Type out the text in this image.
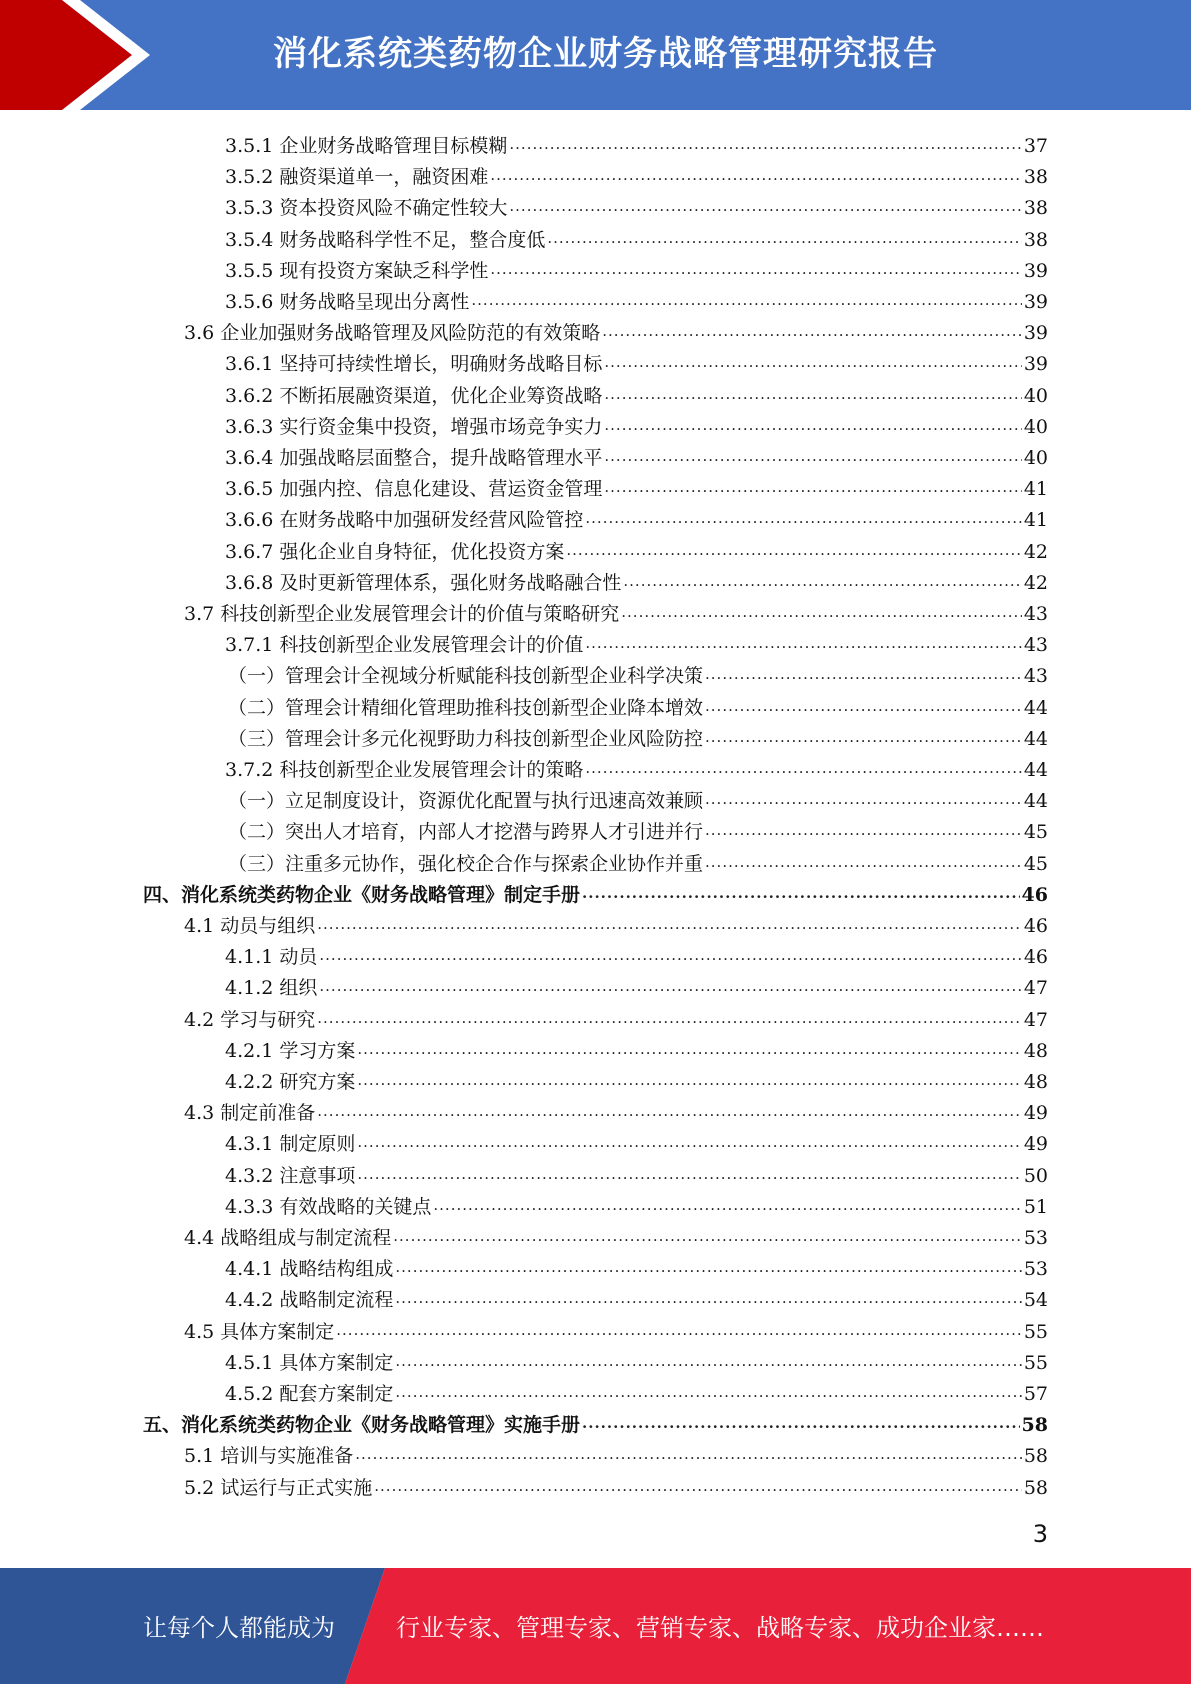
消化系统类药物企业财务战略管理研究报告
3.5.1 企业财务战略管理目标模糊 .....	37
3.5.2 融资渠道单一，融资困难 .....	38
3.5.3 资本投资风险不确定性较大 .....	38
3.5.4 财务战略科学性不足，整合度低 .....	38
3.5.5 现有投资方案缺乏科学性 .....	39
3.5.6 财务战略呈现出分离性 .....	39
3.6 企业加强财务战略管理及风险防范的有效策略 .....	39
3.6.1 坚持可持续性增长，明确财务战略目标 .....	39
3.6.2 不断拓展融资渠道，优化企业筹资战略 .....	40
3.6.3 实行资金集中投资，增强市场竞争实力 .....	40
3.6.4 加强战略层面整合，提升战略管理水平 .....	40
3.6.5 加强内控、信息化建设、营运资金管理 .....	41
3.6.6 在财务战略中加强研发经营风险管控 .....	41
3.6.7 强化企业自身特征，优化投资方案 .....	42
3.6.8 及时更新管理体系，强化财务战略融合性 .....	42
3.7 科技创新型企业发展管理会计的价值与策略研究 .....	43
3.7.1 科技创新型企业发展管理会计的价值 .....	43
（一）管理会计全视域分析赋能科技创新型企业科学决策 .....	43
（二）管理会计精细化管理助推科技创新型企业降本增效 .....	44
（三）管理会计多元化视野助力科技创新型企业风险防控 .....	44
3.7.2 科技创新型企业发展管理会计的策略 .....	44
（一）立足制度设计，资源优化配置与执行迅速高效兼顾 .....	44
（二）突出人才培育，内部人才挖潜与跨界人才引进并行 .....	45
（三）注重多元协作，强化校企合作与探索企业协作并重 .....	45
四、消化系统类药物企业《财务战略管理》制定手册 .....	46
4.1 动员与组织 .....	46
4.1.1 动员 .....	46
4.1.2 组织 .....	47
4.2 学习与研究 .....	47
4.2.1 学习方案 .....	48
4.2.2 研究方案 .....	48
4.3 制定前准备 .....	49
4.3.1 制定原则 .....	49
4.3.2 注意事项 .....	50
4.3.3 有效战略的关键点 .....	51
4.4 战略组成与制定流程 .....	53
4.4.1 战略结构组成 .....	53
4.4.2 战略制定流程 .....	54
4.5 具体方案制定 .....	55
4.5.1 具体方案制定 .....	55
4.5.2 配套方案制定 .....	57
五、消化系统类药物企业《财务战略管理》实施手册 .....	58
5.1 培训与实施准备 .....	58
5.2 试运行与正式实施 .....	58
3
让每个人都能成为	行业专家、管理专家、营销专家、战略专家、成功企业家……
